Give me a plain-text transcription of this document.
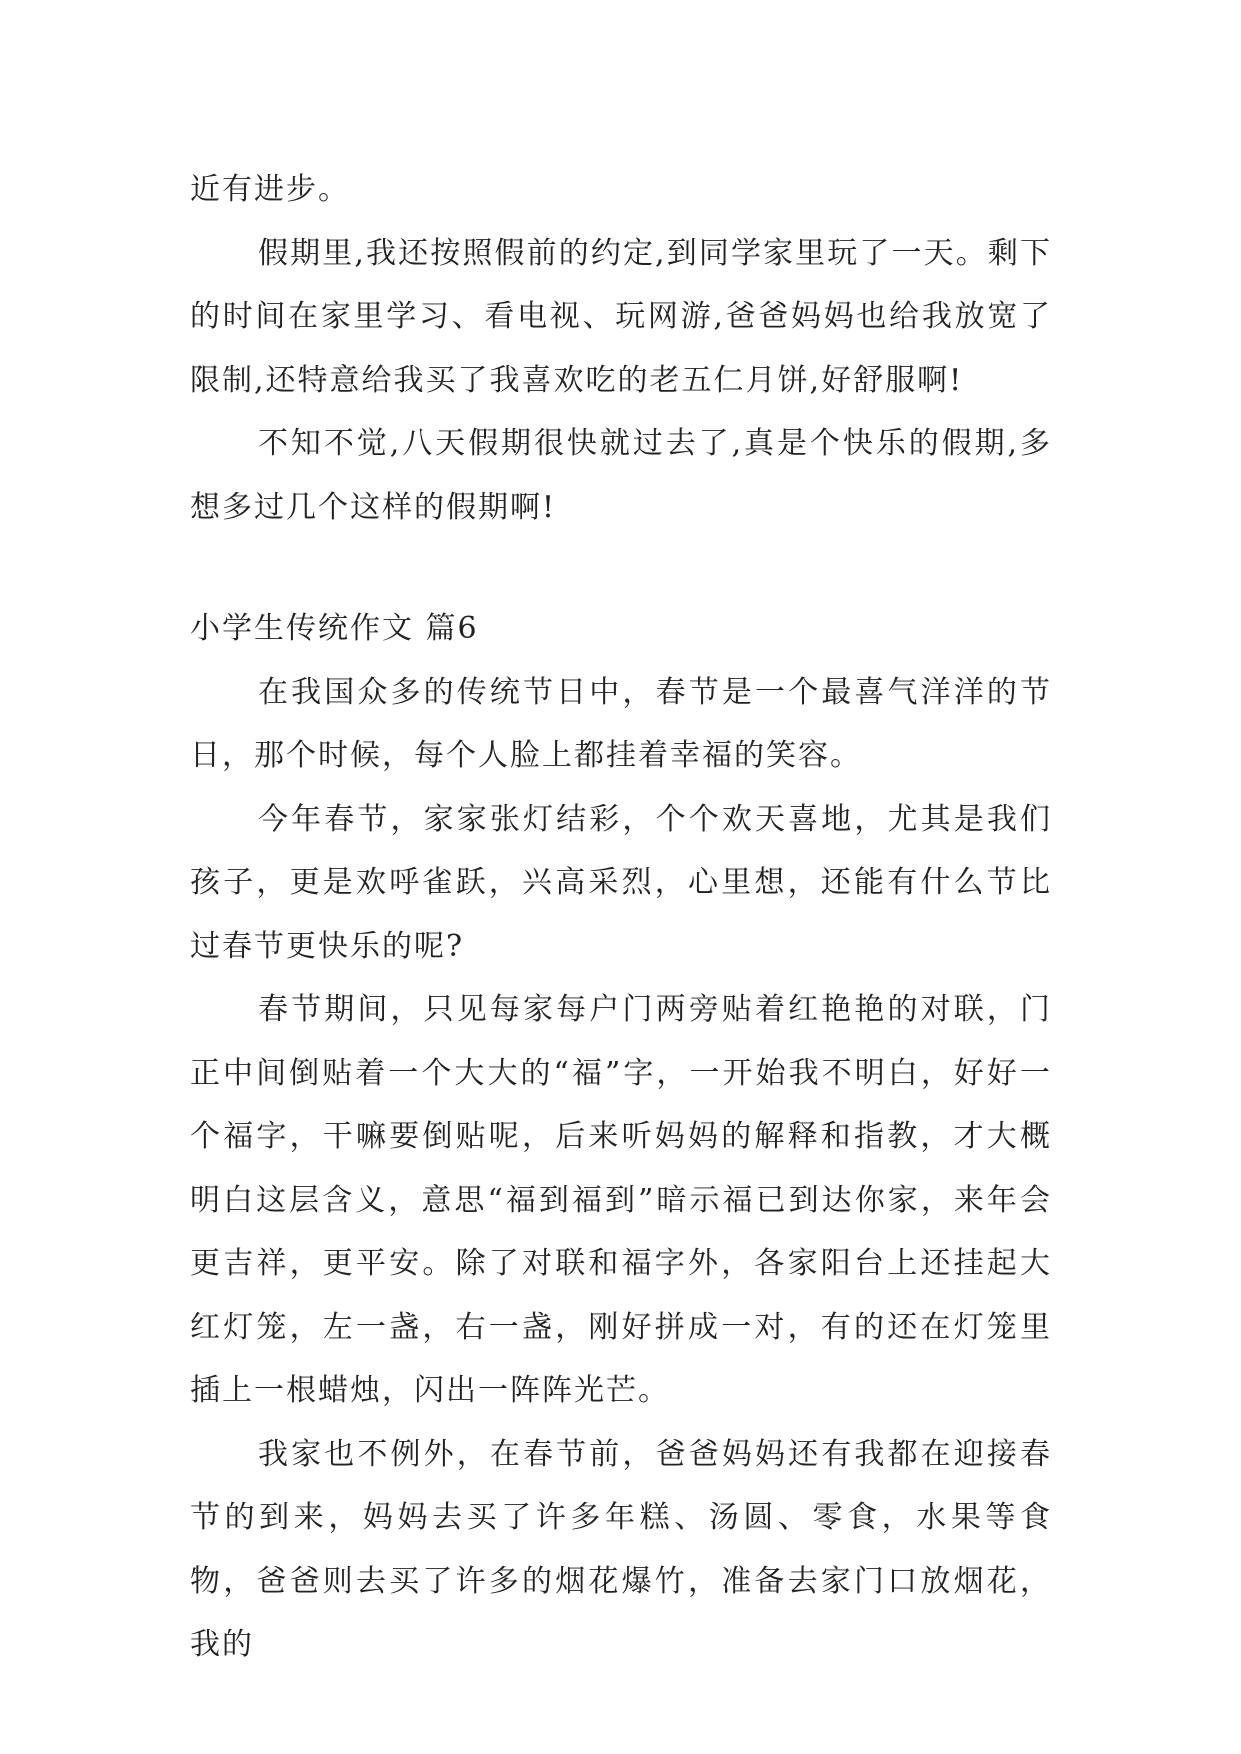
近有进步。

假期里,我还按照假前的约定,到同学家里玩了一天。剩下的时间在家里学习、看电视、玩网游,爸爸妈妈也给我放宽了限制,还特意给我买了我喜欢吃的老五仁月饼,好舒服啊!

不知不觉,八天假期很快就过去了,真是个快乐的假期,多想多过几个这样的假期啊!

小学生传统作文 篇6

在我国众多的传统节日中，春节是一个最喜气洋洋的节日，那个时候，每个人脸上都挂着幸福的笑容。

今年春节，家家张灯结彩，个个欢天喜地，尤其是我们孩子，更是欢呼雀跃，兴高采烈，心里想，还能有什么节比过春节更快乐的呢?

春节期间，只见每家每户门两旁贴着红艳艳的对联，门正中间倒贴着一个大大的“福”字，一开始我不明白，好好一个福字，干嘛要倒贴呢，后来听妈妈的解释和指教，才大概明白这层含义，意思“福到福到”暗示福已到达你家，来年会更吉祥，更平安。除了对联和福字外，各家阳台上还挂起大红灯笼，左一盏，右一盏，刚好拼成一对，有的还在灯笼里插上一根蜡烛，闪出一阵阵光芒。

我家也不例外，在春节前，爸爸妈妈还有我都在迎接春节的到来，妈妈去买了许多年糕、汤圆、零食，水果等食物，爸爸则去买了许多的烟花爆竹，准备去家门口放烟花，我的
